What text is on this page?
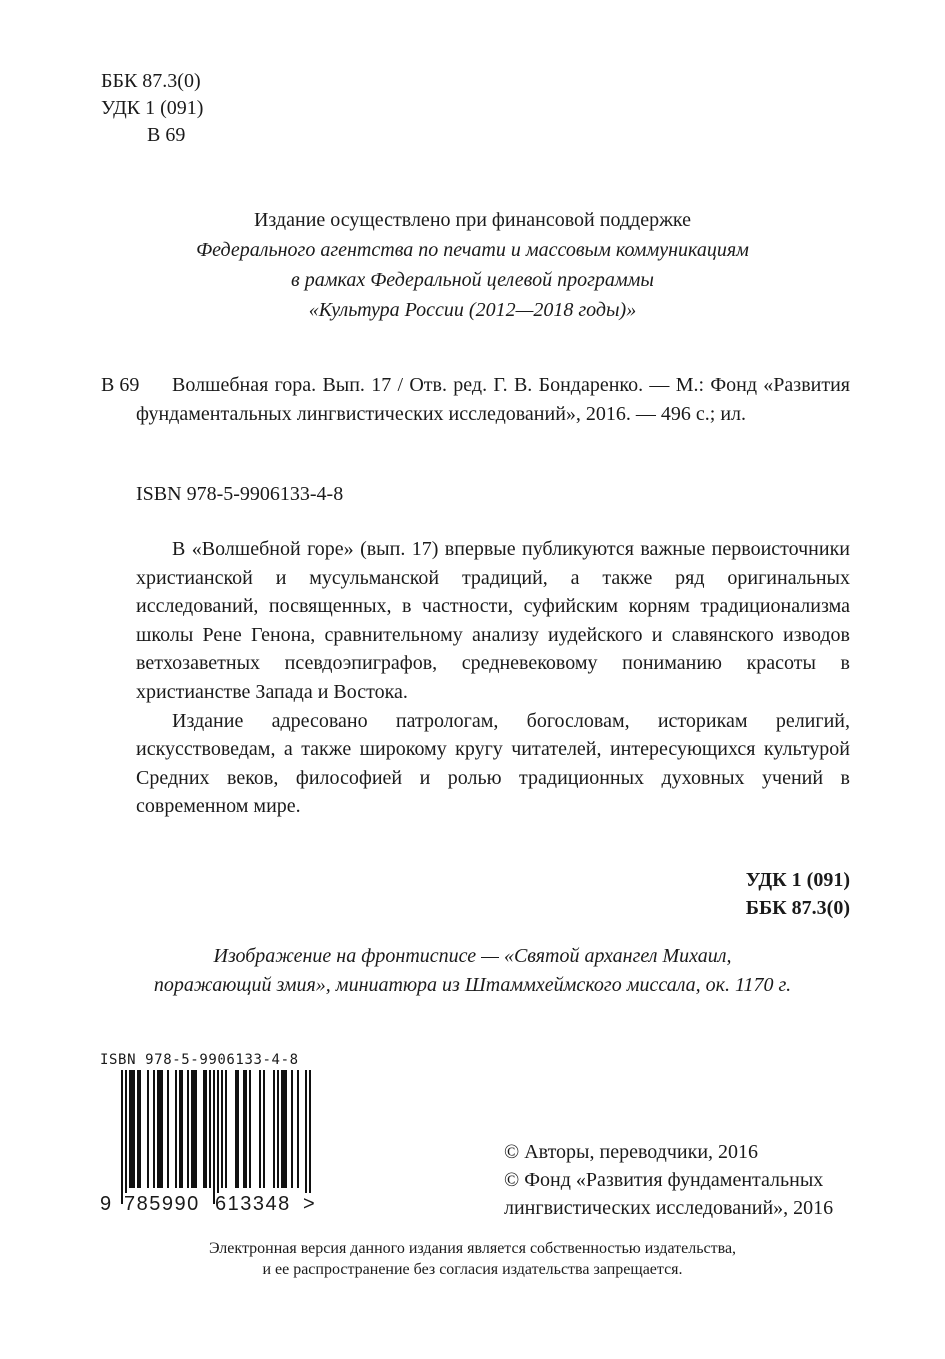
ББК 87.3(0)
УДК 1 (091)
В 69
Издание осуществлено при финансовой поддержке
Федерального агентства по печати и массовым коммуникациям
в рамках Федеральной целевой программы
«Культура России (2012—2018 годы)»
В 69	Волшебная гора. Вып. 17 / Отв. ред. Г. В. Бондаренко. — М.: Фонд «Развития фундаментальных лингвистических исследований», 2016. — 496 с.; ил.
ISBN 978-5-9906133-4-8

В «Волшебной горе» (вып. 17) впервые публикуются важные первоисточники христианской и мусульманской традиций, а также ряд оригинальных исследований, посвященных, в частности, суфийским корням традиционализма школы Рене Генона, сравнительному анализу иудейского и славянского изводов ветхозаветных псевдоэпиграфов, средневековому пониманию красоты в христианстве Запада и Востока.

Издание адресовано патрологам, богословам, историкам религий, искусствоведам, а также широкому кругу читателей, интересующихся культурой Средних веков, философией и ролью традиционных духовных учений в современном мире.

УДК 1 (091)
ББК 87.3(0)
Изображение на фронтисписе — «Святой архангел Михаил,
поражающий змия», миниатюра из Штаммхеймского миссала, ок. 1170 г.
ISBN 978-5-9906133-4-8
9 785990 613348 >
© Авторы, переводчики, 2016
© Фонд «Развития фундаментальных
лингвистических исследований», 2016
Электронная версия данного издания является собственностью издательства,
и ее распространение без согласия издательства запрещается.
